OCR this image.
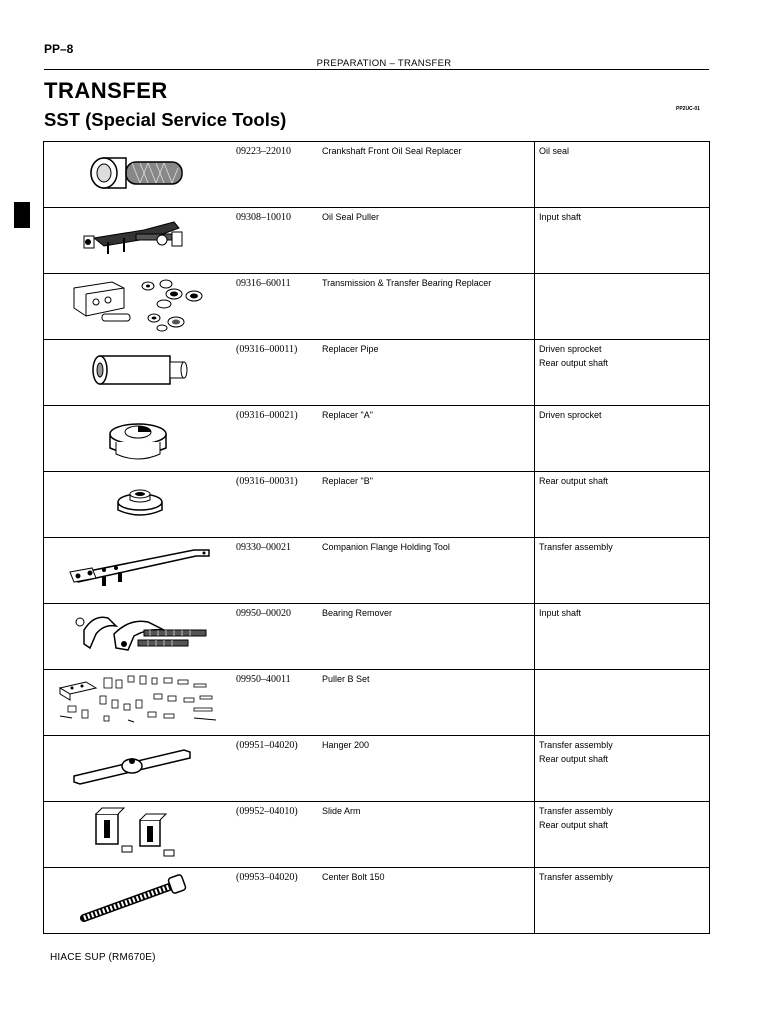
PP–8
PREPARATION – TRANSFER
TRANSFER
SST (Special Service Tools)	PP2UC-01
	09223–22010	Crankshaft Front Oil Seal Replacer	Oil seal

	09308–10010	Oil Seal Puller	Input shaft

	09316–60011	Transmission & Transfer Bearing Replacer	

	(09316–00011)	Replacer Pipe	Driven sprocket
Rear output shaft

	(09316–00021)	Replacer "A"	Driven sprocket

	(09316–00031)	Replacer "B"	Rear output shaft

	09330–00021	Companion Flange Holding Tool	Transfer assembly

	09950–00020	Bearing Remover	Input shaft

	09950–40011	Puller B Set	

	(09951–04020)	Hanger 200	Transfer assembly
Rear output shaft

	(09952–04010)	Slide Arm	Transfer assembly
Rear output shaft

	(09953–04020)	Center Bolt 150	Transfer assembly
HIACE SUP (RM670E)
